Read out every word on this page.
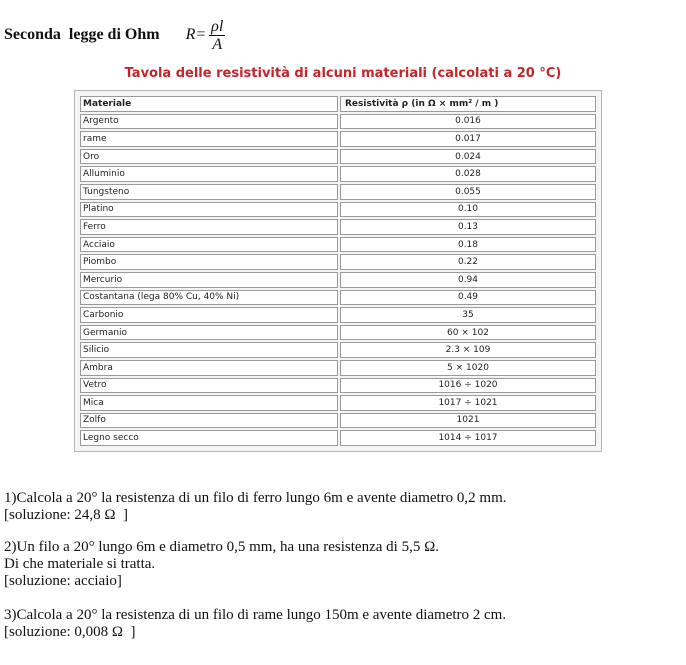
Seconda  legge di Ohm $R = \frac{\rho l}{A}$
Tavola delle resistività di alcuni materiali (calcolati a 20 °C)
Materiale	Resistività ρ (in Ω × mm² / m )
Argento	0.016
rame	0.017
Oro	0.024
Alluminio	0.028
Tungsteno	0.055
Platino	0.10
Ferro	0.13
Acciaio	0.18
Piombo	0.22
Mercurio	0.94
Costantana (lega 80% Cu, 40% Ni)	0.49
Carbonio	35
Germanio	60 × 102
Silicio	2.3 × 109
Ambra	5 × 1020
Vetro	1016 ÷ 1020
Mica	1017 ÷ 1021
Zolfo	1021
Legno secco	1014 ÷ 1017

1)Calcola a 20° la resistenza di un filo di ferro lungo 6m e avente diametro 0,2 mm.

[soluzione: 24,8 Ω  ]

2)Un filo a 20° lungo 6m e diametro 0,5 mm, ha una resistenza di 5,5 Ω.

Di che materiale si tratta.

[soluzione: acciaio]

3)Calcola a 20° la resistenza di un filo di rame lungo 150m e avente diametro 2 cm.

[soluzione: 0,008 Ω  ]
